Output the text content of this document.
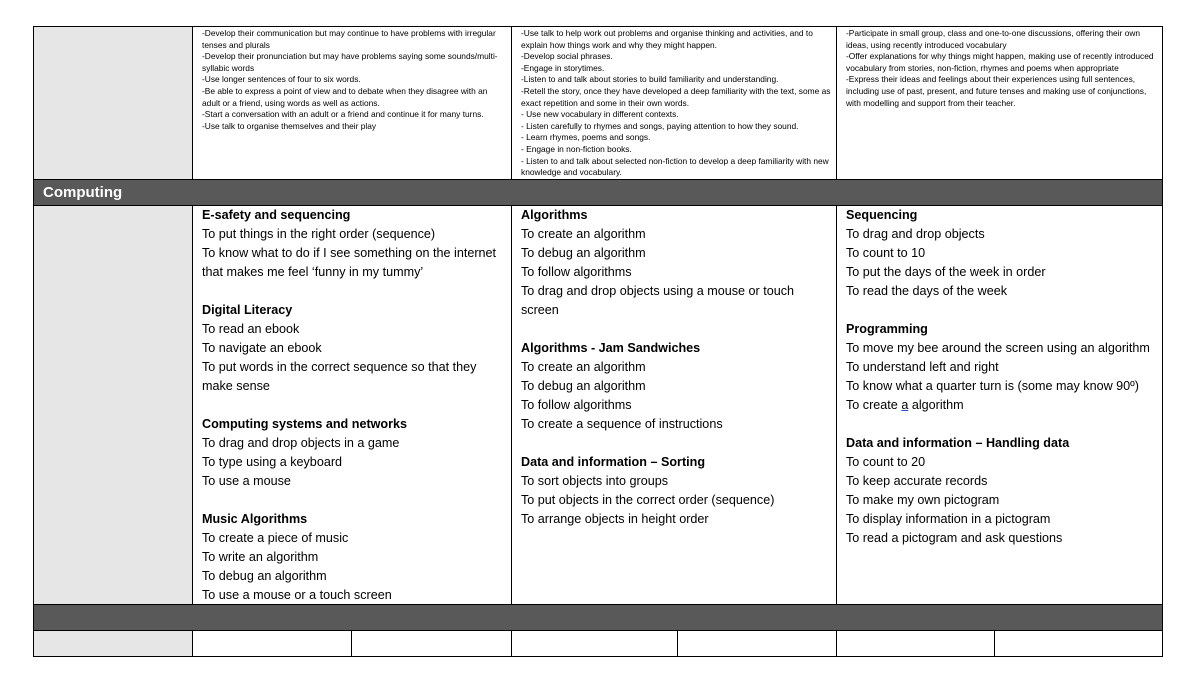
-Develop their communication but may continue to have problems with irregular tenses and plurals

-Develop their pronunciation but may have problems saying some sounds/multi-syllabic words

-Use longer sentences of four to six words.

-Be able to express a point of view and to debate when they disagree with an adult or a friend, using words as well as actions.

-Start a conversation with an adult or a friend and continue it for many turns.

-Use talk to organise themselves and their play

-Use talk to help work out problems and organise thinking and activities, and to explain how things work and why they might happen.

-Develop social phrases.

-Engage in storytimes.

-Listen to and talk about stories to build familiarity and understanding.

-Retell the story, once they have developed a deep familiarity with the text, some as exact repetition and some in their own words.

- Use new vocabulary in different contexts.

- Listen carefully to rhymes and songs, paying attention to how they sound.

- Learn rhymes, poems and songs.

- Engage in non-fiction books.

- Listen to and talk about selected non-fiction to develop a deep familiarity with new knowledge and vocabulary.

-Participate in small group, class and one-to-one discussions, offering their own ideas, using recently introduced vocabulary

-Offer explanations for why things might happen, making use of recently introduced vocabulary from stories, non-fiction, rhymes and poems when appropriate

-Express their ideas and feelings about their experiences using full sentences, including use of past, present, and future tenses and making use of conjunctions, with modelling and support from their teacher.

Computing

E-safety and sequencing

To put things in the right order (sequence)

To know what to do if I see something on the internet that makes me feel ‘funny in my tummy’

Digital Literacy

To read an ebook

To navigate an ebook

To put words in the correct sequence so that they make sense

Computing systems and networks

To drag and drop objects in a game

To type using a keyboard

To use a mouse

Music Algorithms

To create a piece of music

To write an algorithm

To debug an algorithm

To use a mouse or a touch screen

Algorithms

To create an algorithm

To debug an algorithm

To follow algorithms

To drag and drop objects using a mouse or touch screen

Algorithms - Jam Sandwiches

To create an algorithm

To debug an algorithm

To follow algorithms

To create a sequence of instructions

Data and information – Sorting

To sort objects into groups

To put objects in the correct order (sequence)

To arrange objects in height order

Sequencing

To drag and drop objects

To count to 10

To put the days of the week in order

To read the days of the week

Programming

To move my bee around the screen using an algorithm

To understand left and right

To know what a quarter turn is (some may know 90º)

To create a algorithm

Data and information – Handling data

To count to 20

To keep accurate records

To make my own pictogram

To display information in a pictogram

To read a pictogram and ask questions
